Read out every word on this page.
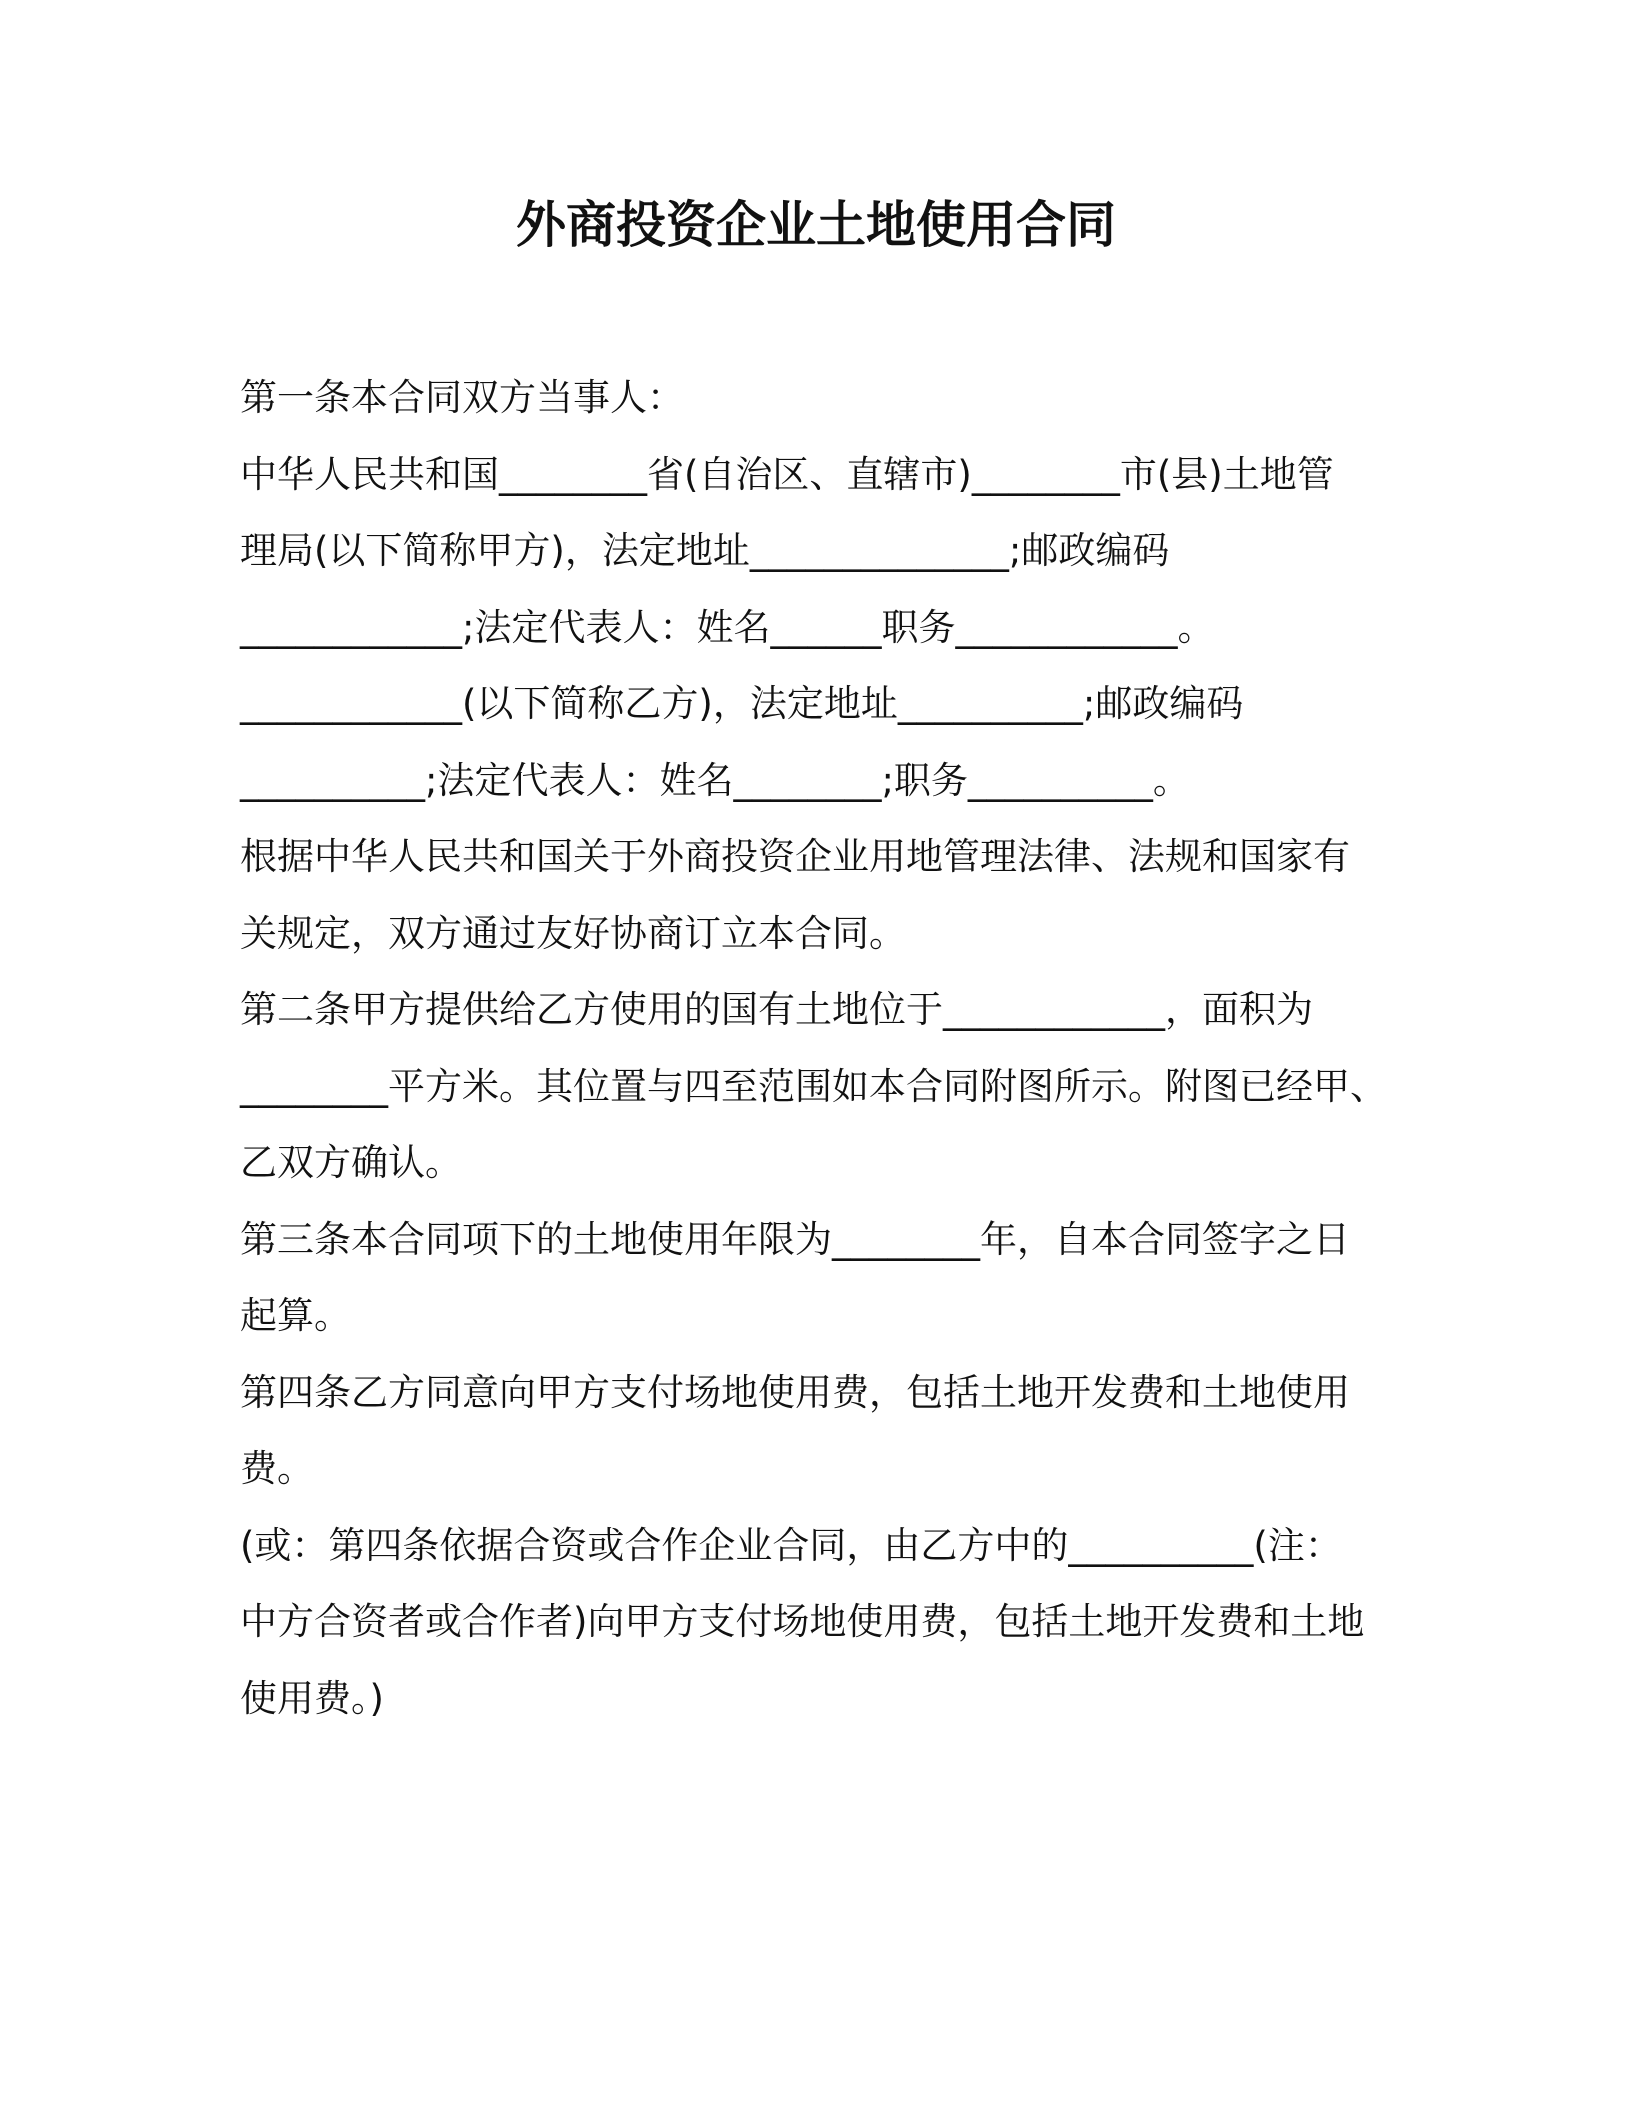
外商投资企业土地使用合同

第一条本合同双方当事人：

中华人民共和国________省(自治区、直辖市)________市(县)土地管

理局(以下简称甲方)，法定地址______________;邮政编码

____________;法定代表人：姓名______职务____________。

____________(以下简称乙方)，法定地址__________;邮政编码

__________;法定代表人：姓名________;职务__________。

根据中华人民共和国关于外商投资企业用地管理法律、法规和国家有

关规定，双方通过友好协商订立本合同。

第二条甲方提供给乙方使用的国有土地位于____________，面积为

________平方米。其位置与四至范围如本合同附图所示。附图已经甲、

乙双方确认。

第三条本合同项下的土地使用年限为________年，自本合同签字之日

起算。

第四条乙方同意向甲方支付场地使用费，包括土地开发费和土地使用

费。

(或：第四条依据合资或合作企业合同，由乙方中的__________(注：

中方合资者或合作者)向甲方支付场地使用费，包括土地开发费和土地

使用费。)
